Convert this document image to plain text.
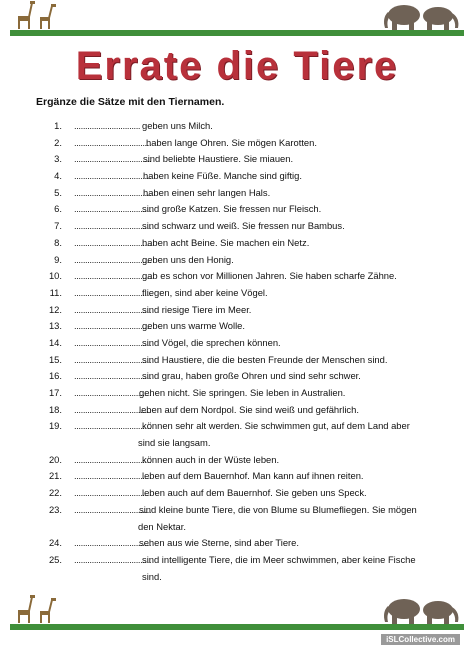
Errate die Tiere
Ergänze die Sätze mit den Tiernamen.
1. .............................. geben uns Milch.
2. ...................................
haben lange Ohren. Sie mögen Karotten.
3. ...................................
sind beliebte Haustiere. Sie miauen.
4. ...................................
haben keine Füße. Manche sind giftig.
5. ...................................
haben einen sehr langen Hals.
6. ...................................
sind große Katzen. Sie fressen nur Fleisch.
7. ...................................
sind schwarz und weiß. Sie fressen nur Bambus.
8. ...................................
haben acht Beine. Sie machen ein Netz.
9. ...................................
geben uns den Honig.
10. ...................................
gab es schon vor Millionen Jahren. Sie haben scharfe Zähne.
11. ...................................
fliegen, sind aber keine Vögel.
12. ...................................
sind riesige Tiere im Meer.
13. ...................................
geben uns warme Wolle.
14. ...................................
sind Vögel, die sprechen können.
15. ...................................
sind Haustiere, die die besten Freunde der Menschen sind.
16. ...................................
sind grau, haben große Ohren und sind sehr schwer.
17. ...................................
gehen nicht. Sie springen. Sie leben in Australien.
18. ...................................
leben auf dem Nordpol. Sie sind weiß und gefährlich.
19. ...................................
können sehr alt werden. Sie schwimmen gut, auf dem Land aber
sind sie langsam.
20. ...................................
können auch in der Wüste leben.
21. ...................................
leben auf dem Bauernhof. Man kann auf ihnen reiten.
22. ...................................
leben auch auf dem Bauernhof. Sie geben uns Speck.
23. ...................................
sind kleine bunte Tiere, die von Blume su Blumefliegen. Sie mögen
den Nektar.
24. ...................................
sehen aus wie Sterne, sind aber Tiere.
25. ...................................
sind intelligente Tiere, die im Meer schwimmen, aber keine Fische
sind.
iSLCollective.com
